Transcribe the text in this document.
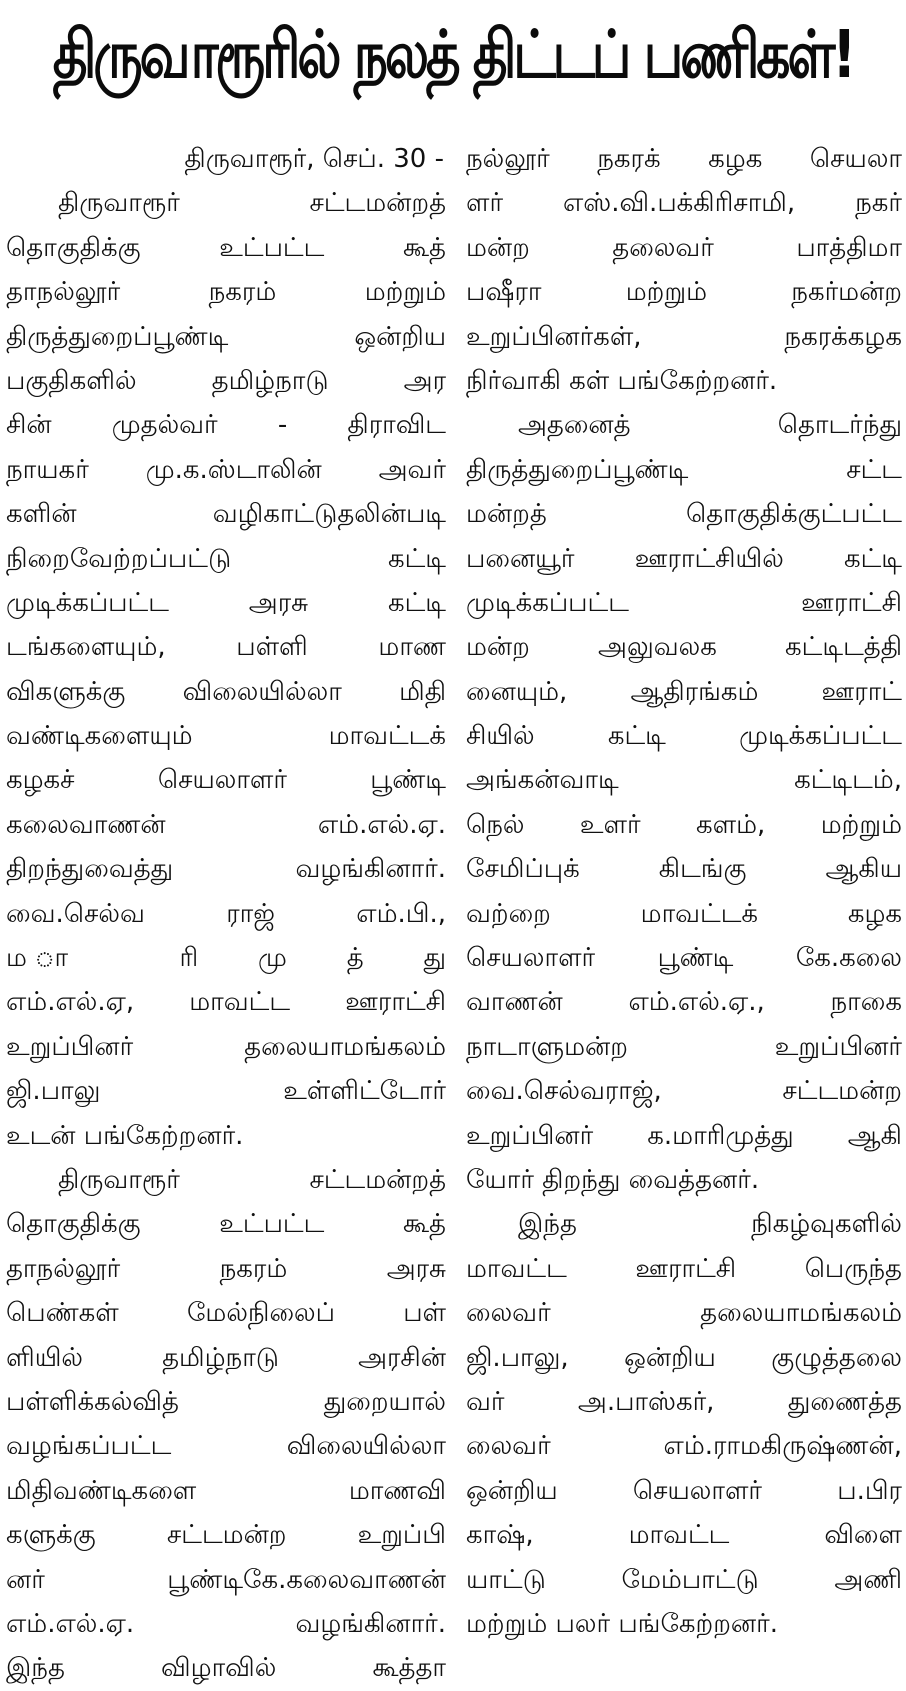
திருவாரூரில் நலத் திட்டப் பணிகள்!
திருவாரூர், செப். 30 -
திருவாரூர் சட்டமன்றத்
தொகுதிக்கு உட்பட்ட கூத்
தாநல்லூர் நகரம் மற்றும்
திருத்துறைப்பூண்டி ஒன்றிய
பகுதிகளில் தமிழ்நாடு அர
சின் முதல்வர் - திராவிட
நாயகர் மு.க.ஸ்டாலின் அவர்
களின் வழிகாட்டுதலின்படி
நிறைவேற்றப்பட்டு கட்டி
முடிக்கப்பட்ட அரசு கட்டி
டங்களையும், பள்ளி மாண
விகளுக்கு விலையில்லா மிதி
வண்டிகளையும் மாவட்டக்
கழகச் செயலாளர் பூண்டி
கலைவாணன் எம்.எல்.ஏ.
திறந்துவைத்து வழங்கினார்.
வை.செல்வ ராஜ் எம்.பி.,
ம ா ரி மு த் து
எம்.எல்.ஏ, மாவட்ட ஊராட்சி
உறுப்பினர் தலையாமங்கலம்
ஜி.பாலு உள்ளிட்டோர்
உடன் பங்கேற்றனர்.
திருவாரூர் சட்டமன்றத்
தொகுதிக்கு உட்பட்ட கூத்
தாநல்லூர் நகரம் அரசு
பெண்கள் மேல்நிலைப் பள்
ளியில் தமிழ்நாடு அரசின்
பள்ளிக்கல்வித் துறையால்
வழங்கப்பட்ட விலையில்லா
மிதிவண்டிகளை மாணவி
களுக்கு சட்டமன்ற உறுப்பி
னர் பூண்டிகே.கலைவாணன்
எம்.எல்.ஏ. வழங்கினார்.
இந்த விழாவில் கூத்தா
நல்லூர் நகரக் கழக செயலா
ளர் எஸ்.வி.பக்கிரிசாமி, நகர்
மன்ற தலைவர் பாத்திமா
பஷீரா மற்றும் நகர்மன்ற
உறுப்பினர்கள், நகரக்கழக
நிர்வாகி கள் பங்கேற்றனர்.
அதனைத் தொடர்ந்து
திருத்துறைப்பூண்டி சட்ட
மன்றத் தொகுதிக்குட்பட்ட
பனையூர் ஊராட்சியில் கட்டி
முடிக்கப்பட்ட ஊராட்சி
மன்ற அலுவலக கட்டிடத்தி
னையும், ஆதிரங்கம் ஊராட்
சியில் கட்டி முடிக்கப்பட்ட
அங்கன்வாடி கட்டிடம்,
நெல் உளர் களம், மற்றும்
சேமிப்புக் கிடங்கு ஆகிய
வற்றை மாவட்டக் கழக
செயலாளர் பூண்டி கே.கலை
வாணன் எம்.எல்.ஏ., நாகை
நாடாளுமன்ற உறுப்பினர்
வை.செல்வராஜ், சட்டமன்ற
உறுப்பினர் க.மாரிமுத்து ஆகி
யோர் திறந்து வைத்தனர்.
இந்த நிகழ்வுகளில்
மாவட்ட ஊராட்சி பெருந்த
லைவர் தலையாமங்கலம்
ஜி.பாலு, ஒன்றிய குழுத்தலை
வர் அ.பாஸ்கர், துணைத்த
லைவர் எம்.ராமகிருஷ்ணன்,
ஒன்றிய செயலாளர் ப.பிர
காஷ், மாவட்ட விளை
யாட்டு மேம்பாட்டு அணி
மற்றும் பலர் பங்கேற்றனர்.
